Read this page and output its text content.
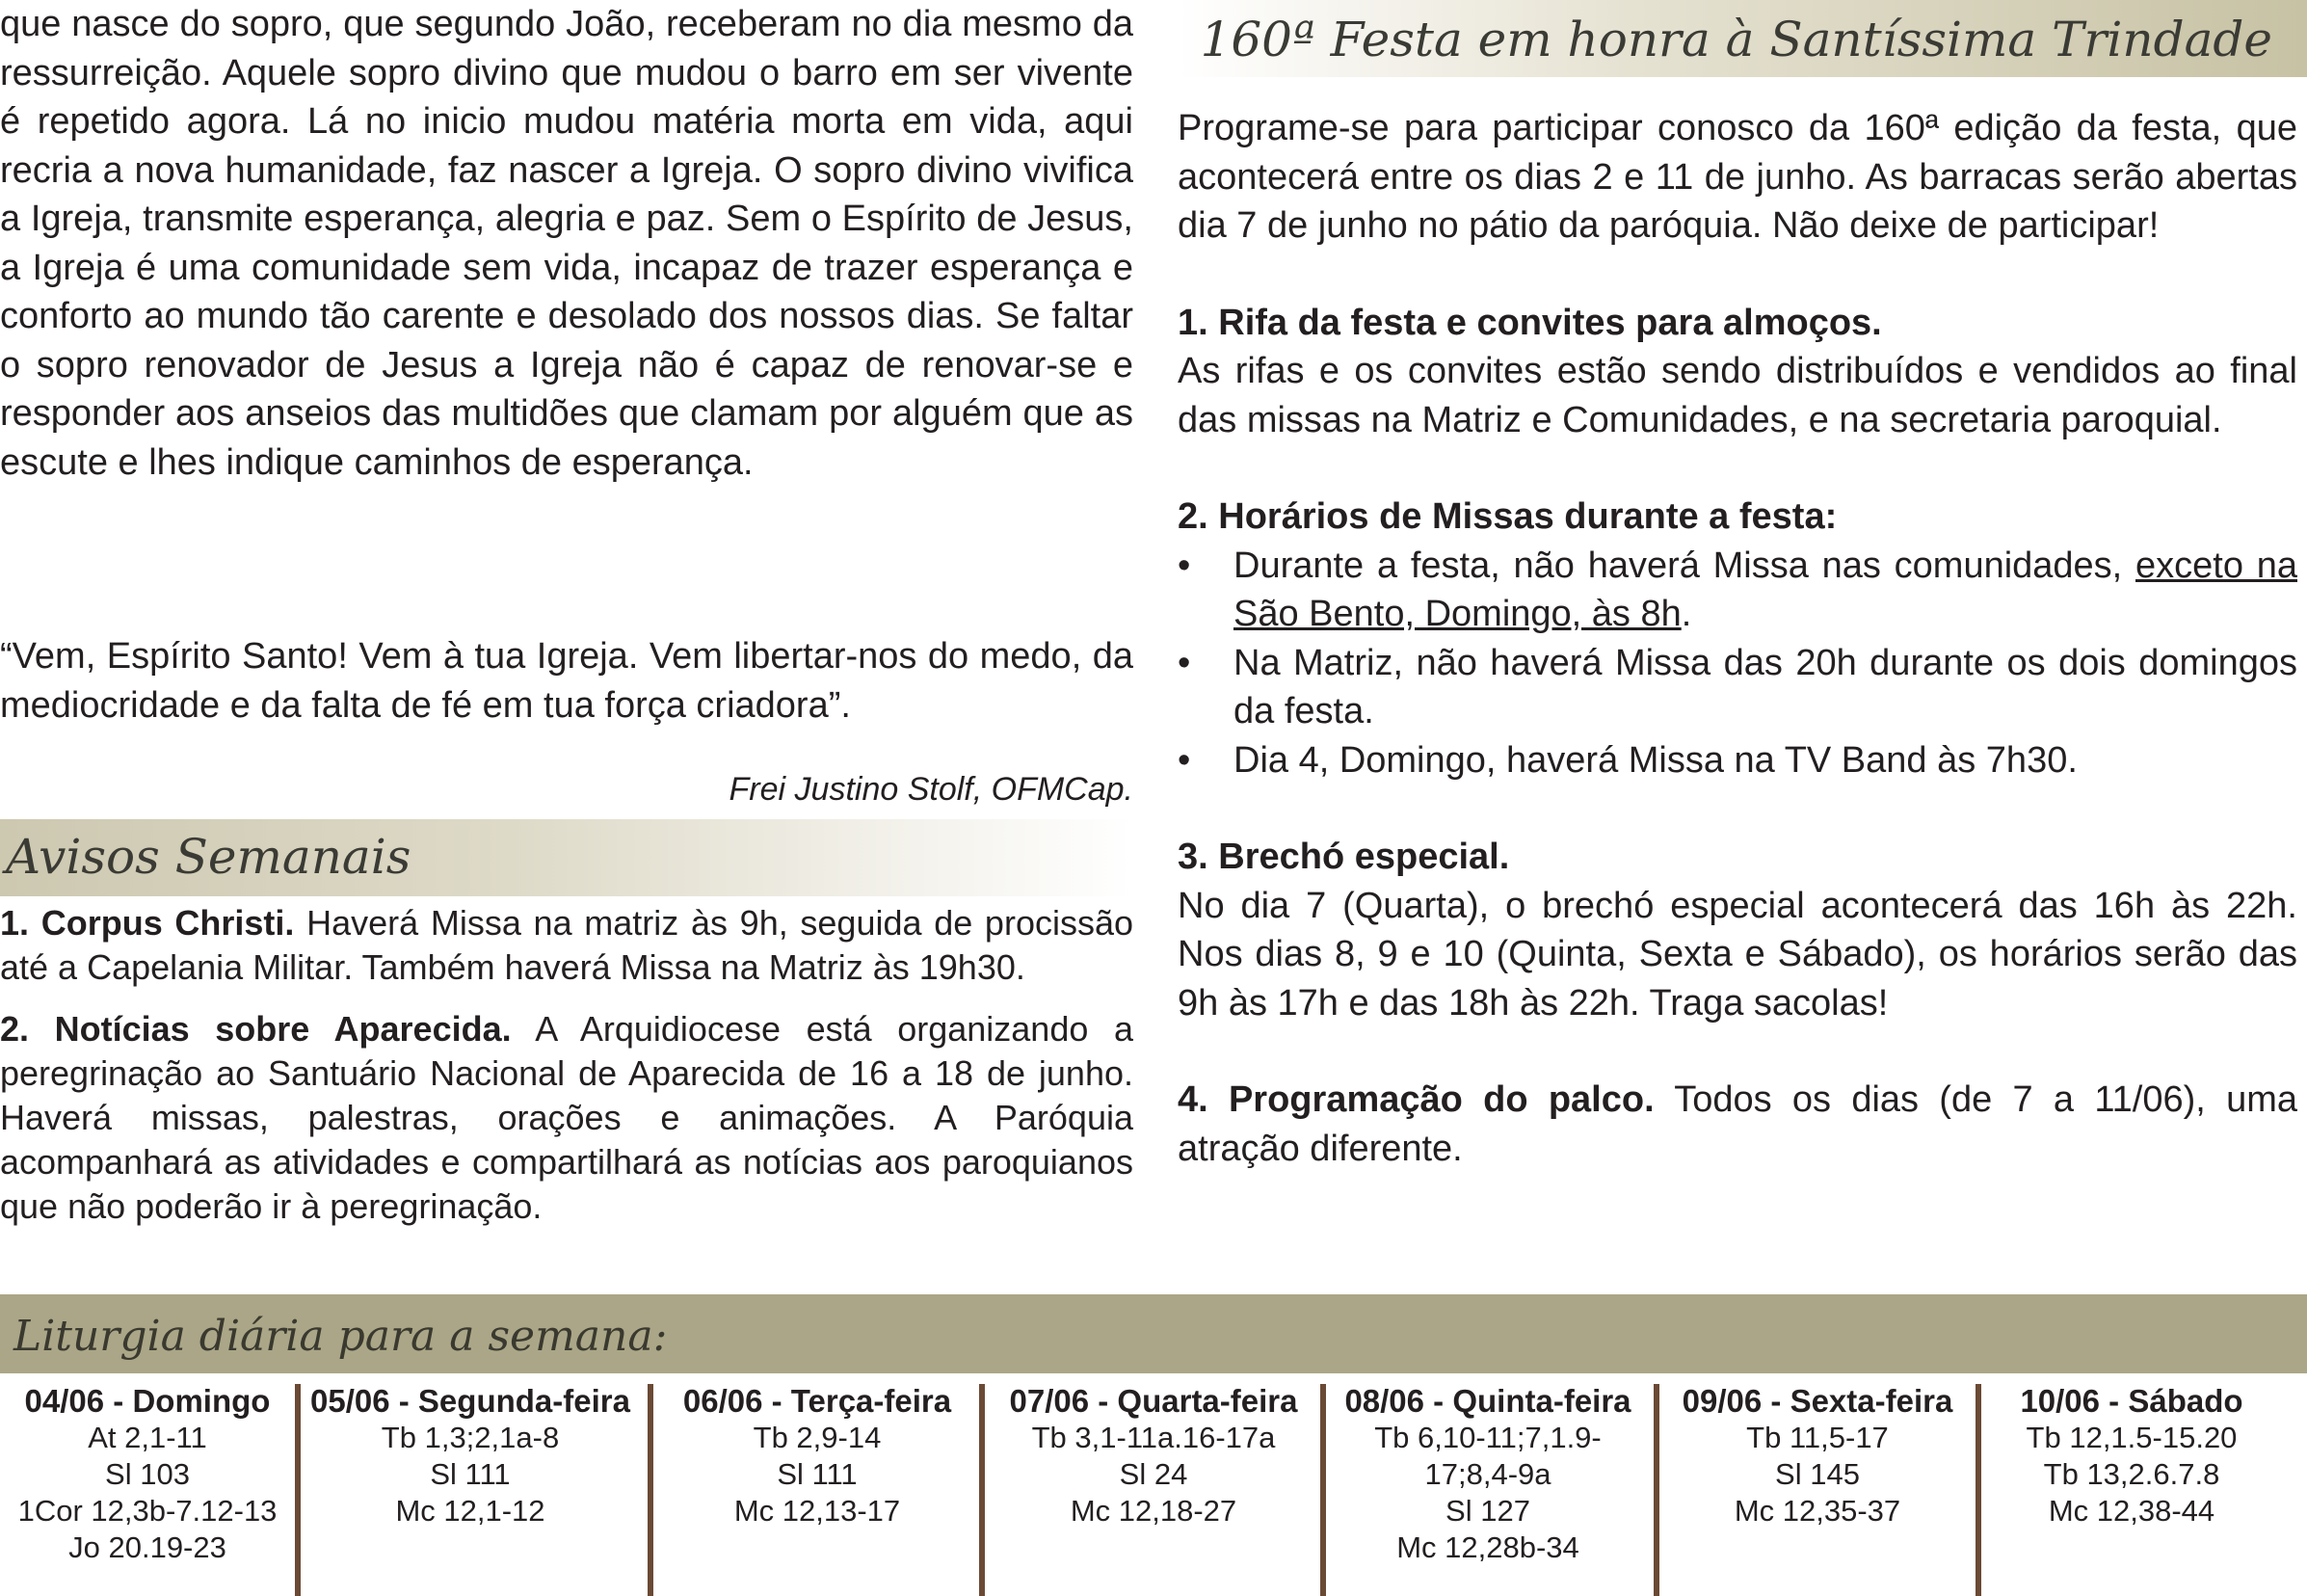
que nasce do sopro, que segundo João, receberam no dia mesmo da ressurreição. Aquele sopro divino que mudou o barro em ser vivente é repetido agora. Lá no inicio mudou matéria morta em vida, aqui recria a nova humanidade, faz nascer a Igreja. O sopro divino vivifica a Igreja, transmite esperança, alegria e paz. Sem o Espírito de Jesus, a Igreja é uma comunidade sem vida, incapaz de trazer esperança e conforto ao mundo tão carente e desolado dos nossos dias. Se faltar o sopro renovador de Jesus a Igreja não é capaz de renovar-se e responder aos anseios das multidões que clamam por alguém que as escute e lhes indique caminhos de esperança.

“Vem, Espírito Santo! Vem à tua Igreja. Vem libertar-nos do medo, da mediocridade e da falta de fé em tua força criadora”.

Frei Justino Stolf, OFMCap.
Avisos Semanais

1. Corpus Christi. Haverá Missa na matriz às 9h, seguida de procissão até a Capelania Militar. Também haverá Missa na Matriz às 19h30.

2. Notícias sobre Aparecida. A Arquidiocese está organizando a peregrinação ao Santuário Nacional de Aparecida de 16 a 18 de junho. Haverá missas, palestras, orações e animações. A Paróquia acompanhará as atividades e compartilhará as notícias aos paroquianos que não poderão ir à peregrinação.

160ª Festa em honra à Santíssima Trindade

Programe-se para participar conosco da 160ª edição da festa, que acontecerá entre os dias 2 e 11 de junho. As barracas serão abertas dia 7 de junho no pátio da paróquia. Não deixe de participar!

1. Rifa da festa e convites para almoços.

As rifas e os convites estão sendo distribuídos e vendidos ao final das missas na Matriz e Comunidades, e na secretaria paroquial.

2. Horários de Missas durante a festa:

• Durante a festa, não haverá Missa nas comunidades, exceto na São Bento, Domingo, às 8h.

• Na Matriz, não haverá Missa das 20h durante os dois domingos da festa.

• Dia 4, Domingo, haverá Missa na TV Band às 7h30.

3. Brechó especial.

No dia 7 (Quarta), o brechó especial acontecerá das 16h às 22h. Nos dias 8, 9 e 10 (Quinta, Sexta e Sábado), os horários serão das 9h às 17h e das 18h às 22h. Traga sacolas!

4. Programação do palco. Todos os dias (de 7 a 11/06), uma atração diferente.

Liturgia diária para a semana:
04/06 - Domingo
At 2,1-11
Sl 103
1Cor 12,3b-7.12-13
Jo 20.19-23
05/06 - Segunda-feira
Tb 1,3;2,1a-8
Sl 111
Mc 12,1-12
06/06 - Terça-feira
Tb 2,9-14
Sl 111
Mc 12,13-17
07/06 - Quarta-feira
Tb 3,1-11a.16-17a
Sl 24
Mc 12,18-27
08/06 - Quinta-feira
Tb 6,10-11;7,1.9-
17;8,4-9a
Sl 127
Mc 12,28b-34
09/06 - Sexta-feira
Tb 11,5-17
Sl 145
Mc 12,35-37
10/06 - Sábado
Tb 12,1.5-15.20
Tb 13,2.6.7.8
Mc 12,38-44
